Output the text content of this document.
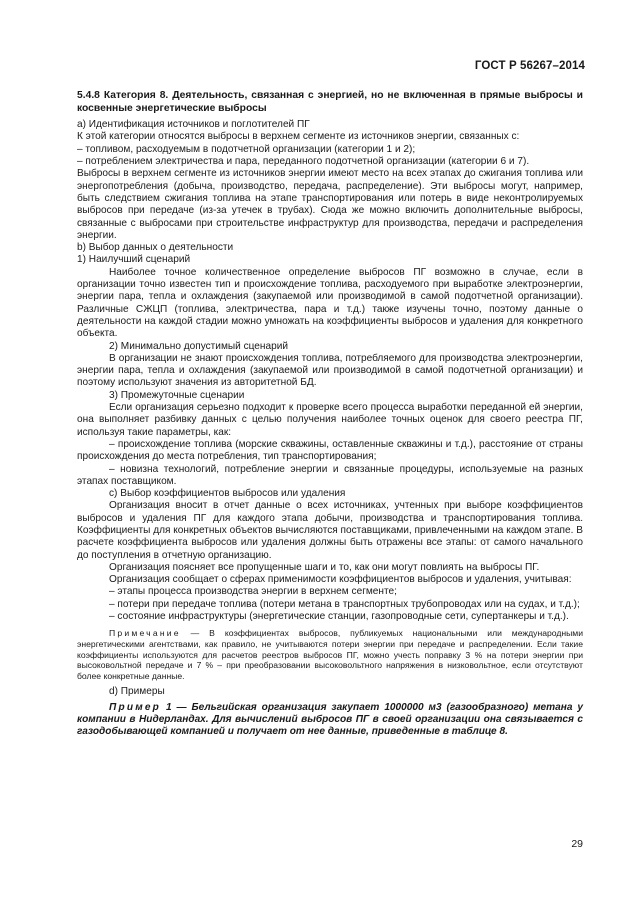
ГОСТ Р 56267–2014

5.4.8 Категория 8. Деятельность, связанная с энергией, но не включенная в прямые выбросы и косвенные энергетические выбросы

а) Идентификация источников и поглотителей ПГ

К этой категории относятся выбросы в верхнем сегменте из источников энергии, связанных с:

– топливом, расходуемым в подотчетной организации (категории 1 и 2);

– потреблением электричества и пара, переданного подотчетной организации (категории 6 и 7).

Выбросы в верхнем сегменте из источников энергии имеют место на всех этапах до сжигания топлива или энергопотребления (добыча, производство, передача, распределение). Эти выбросы могут, например, быть следствием сжигания топлива на этапе транспортирования или потерь в виде неконтролируемых выбросов при передаче (из-за утечек в трубах). Сюда же можно включить дополнительные выбросы, связанные с выбросами при строительстве инфраструктур для производства, передачи и распределения энергии.

b) Выбор данных о деятельности

1) Наилучший сценарий

Наиболее точное количественное определение выбросов ПГ возможно в случае, если в организации точно известен тип и происхождение топлива, расходуемого при выработке электроэнергии, энергии пара, тепла и охлаждения (закупаемой или производимой в самой подотчетной организации). Различные СЖЦП (топлива, электричества, пара и т.д.) также изучены точно, поэтому данные о деятельности на каждой стадии можно умножать на коэффициенты выбросов и удаления для конкретного объекта.

2) Минимально допустимый сценарий

В организации не знают происхождения топлива, потребляемого для производства электроэнергии, энергии пара, тепла и охлаждения (закупаемой или производимой в самой подотчетной организации) и поэтому используют значения из авторитетной БД.

3) Промежуточные сценарии

Если организация серьезно подходит к проверке всего процесса выработки переданной ей энергии, она выполняет разбивку данных с целью получения наиболее точных оценок для своего реестра ПГ, используя такие параметры, как:

– происхождение топлива (морские скважины, оставленные скважины и т.д.), расстояние от страны происхождения до места потребления, тип транспортирования;

– новизна технологий, потребление энергии и связанные процедуры, используемые на разных этапах поставщиком.

с) Выбор коэффициентов выбросов или удаления

Организация вносит в отчет данные о всех источниках, учтенных при выборе коэффициентов выбросов и удаления ПГ для каждого этапа добычи, производства и транспортирования топлива. Коэффициенты для конкретных объектов вычисляются поставщиками, привлеченными на каждом этапе. В расчете коэффициента выбросов или удаления должны быть отражены все этапы: от самого начального до поступления в отчетную организацию.

Организация поясняет все пропущенные шаги и то, как они могут повлиять на выбросы ПГ.

Организация сообщает о сферах применимости коэффициентов выбросов и удаления, учитывая:

– этапы процесса производства энергии в верхнем сегменте;

– потери при передаче топлива (потери метана в транспортных трубопроводах или на судах, и т.д.);

– состояние инфраструктуры (энергетические станции, газопроводные сети, супертанкеры и т.д.).

Примечание — В коэффициентах выбросов, публикуемых национальными или международными энергетическими агентствами, как правило, не учитываются потери энергии при передаче и распределении. Если такие коэффициенты используются для расчетов реестров выбросов ПГ, можно учесть поправку 3 % на потери энергии при высоковольтной передаче и 7 % – при преобразовании высоковольтного напряжения в низковольтное, если отсутствуют более конкретные данные.

d) Примеры

Пример 1 — Бельгийская организация закупает 1000000 м3 (газообразного) метана у компании в Нидерландах. Для вычислений выбросов ПГ в своей организации она связывается с газодобывающей компанией и получает от нее данные, приведенные в таблице 8.

29
